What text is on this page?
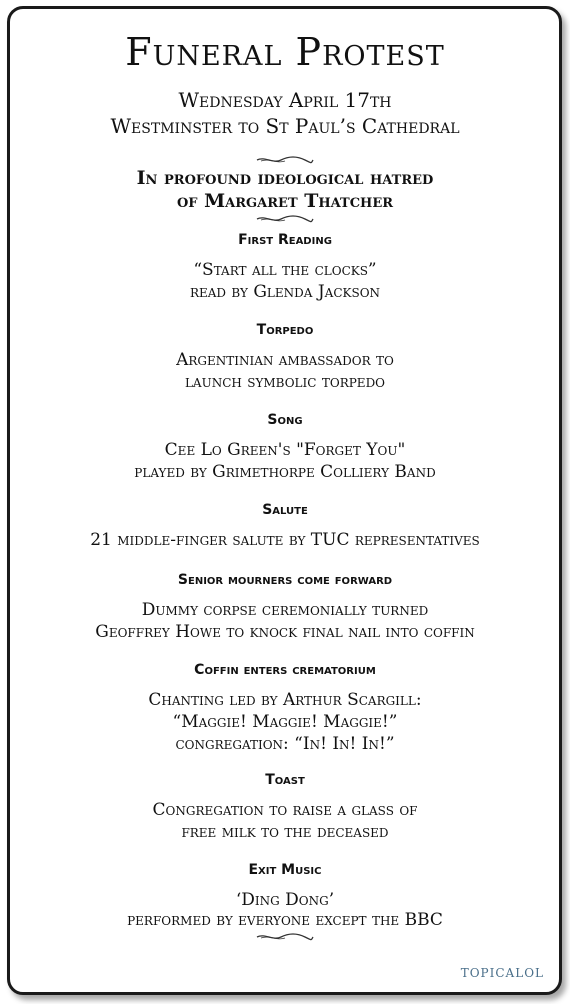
Funeral Protest
Wednesday April 17th
Westminster to St Paul’s Cathedral
In profound ideological hatred
of Margaret Thatcher
First Reading
“Start all the clocks”
read by Glenda Jackson
Torpedo
Argentinian ambassador to
launch symbolic torpedo
Song
Cee Lo Green's "Forget You"
played by Grimethorpe Colliery Band
Salute
21 middle-finger salute by TUC representatives
Senior mourners come forward
Dummy corpse ceremonially turned
Geoffrey Howe to knock final nail into coffin
Coffin enters crematorium
Chanting led by Arthur Scargill:
“Maggie! Maggie! Maggie!”
congregation: “In! In! In!”
Toast
Congregation to raise a glass of
free milk to the deceased
Exit Music
‘Ding Dong’
performed by everyone except the BBC
TOPICALOL
